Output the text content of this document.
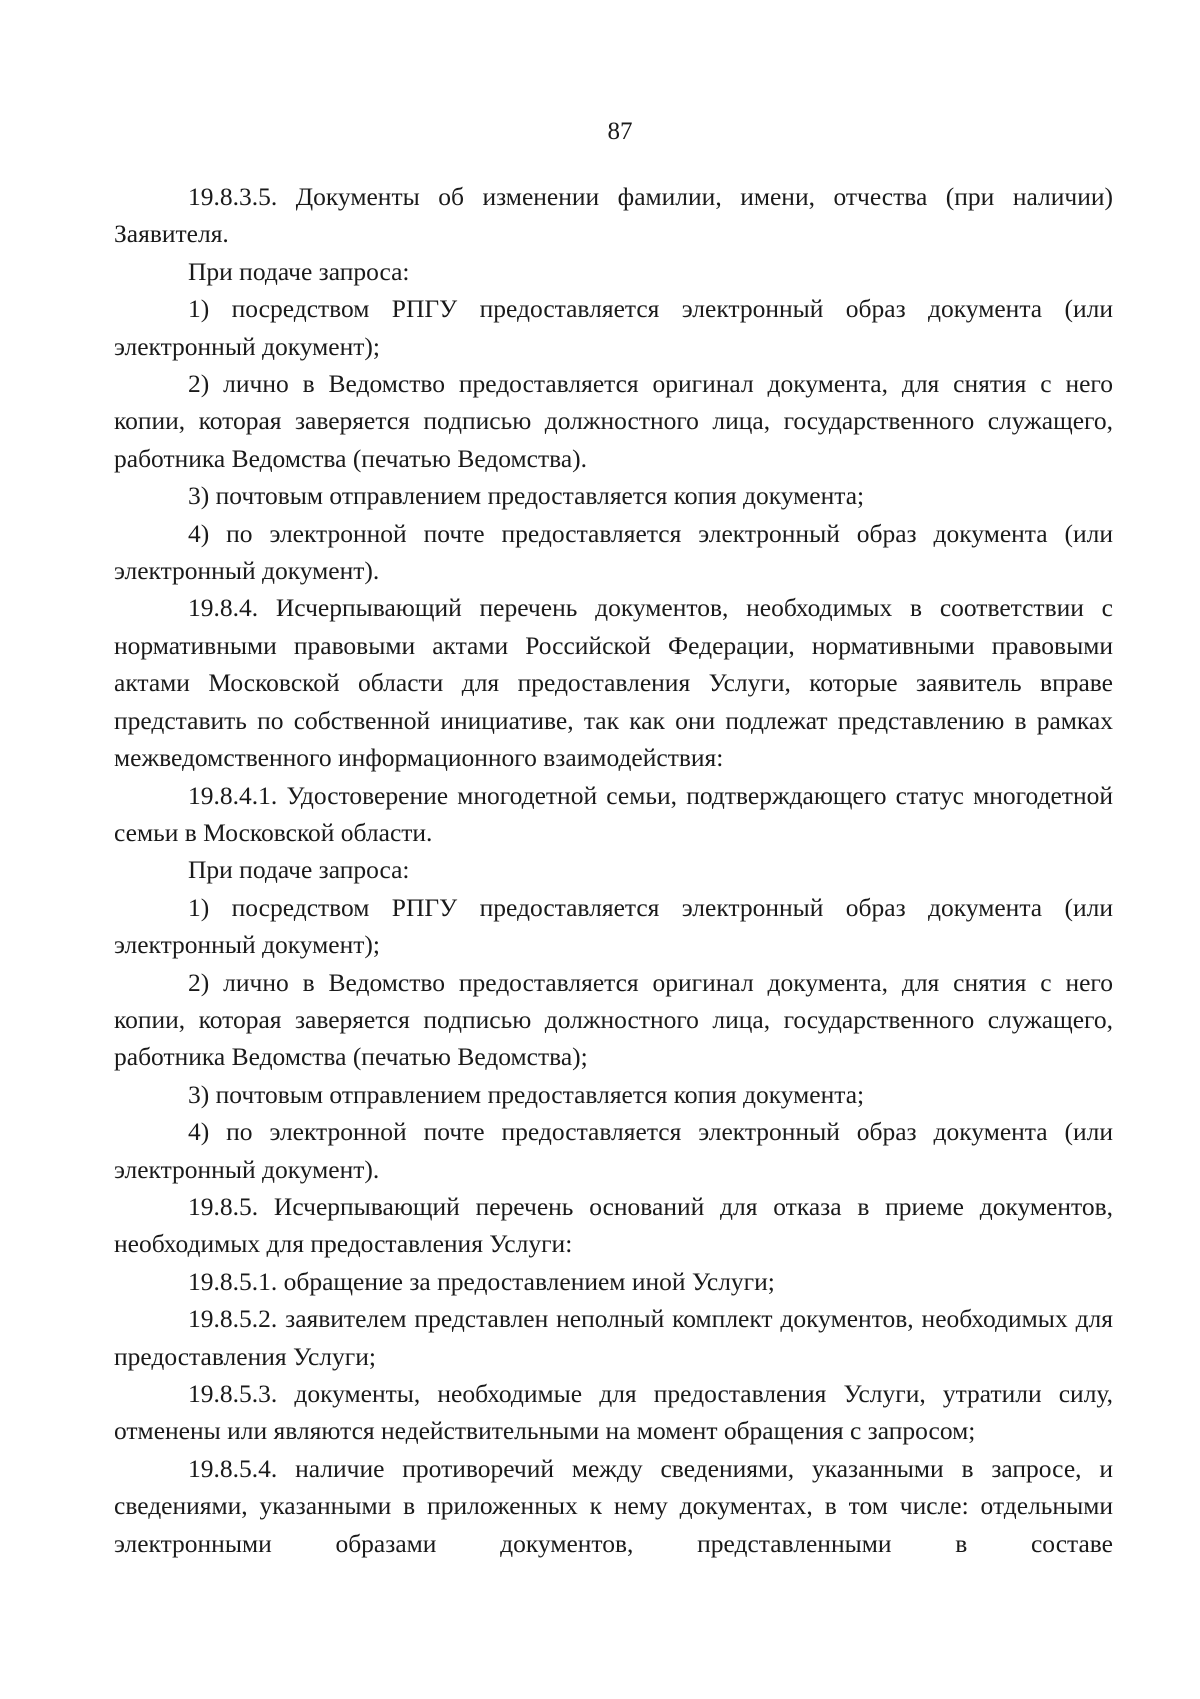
87

19.8.3.5. Документы об изменении фамилии, имени, отчества (при наличии) Заявителя.

При подаче запроса:

1) посредством РПГУ предоставляется электронный образ документа (или электронный документ);

2) лично в Ведомство предоставляется оригинал документа, для снятия с него копии, которая заверяется подписью должностного лица, государственного служащего, работника Ведомства (печатью Ведомства).

3) почтовым отправлением предоставляется копия документа;

4) по электронной почте предоставляется электронный образ документа (или электронный документ).

19.8.4. Исчерпывающий перечень документов, необходимых в соответствии с нормативными правовыми актами Российской Федерации, нормативными правовыми актами Московской области для предоставления Услуги, которые заявитель вправе представить по собственной инициативе, так как они подлежат представлению в рамках межведомственного информационного взаимодействия:

19.8.4.1. Удостоверение многодетной семьи, подтверждающего статус многодетной семьи в Московской области.

При подаче запроса:

1) посредством РПГУ предоставляется электронный образ документа (или электронный документ);

2) лично в Ведомство предоставляется оригинал документа, для снятия с него копии, которая заверяется подписью должностного лица, государственного служащего, работника Ведомства (печатью Ведомства);

3) почтовым отправлением предоставляется копия документа;

4) по электронной почте предоставляется электронный образ документа (или электронный документ).

19.8.5. Исчерпывающий перечень оснований для отказа в приеме документов, необходимых для предоставления Услуги:

19.8.5.1. обращение за предоставлением иной Услуги;

19.8.5.2. заявителем представлен неполный комплект документов, необходимых для предоставления Услуги;

19.8.5.3. документы, необходимые для предоставления Услуги, утратили силу, отменены или являются недействительными на момент обращения с запросом;

19.8.5.4. наличие противоречий между сведениями, указанными в запросе, и сведениями, указанными в приложенных к нему документах, в том числе: отдельными электронными образами документов, представленными в составе
